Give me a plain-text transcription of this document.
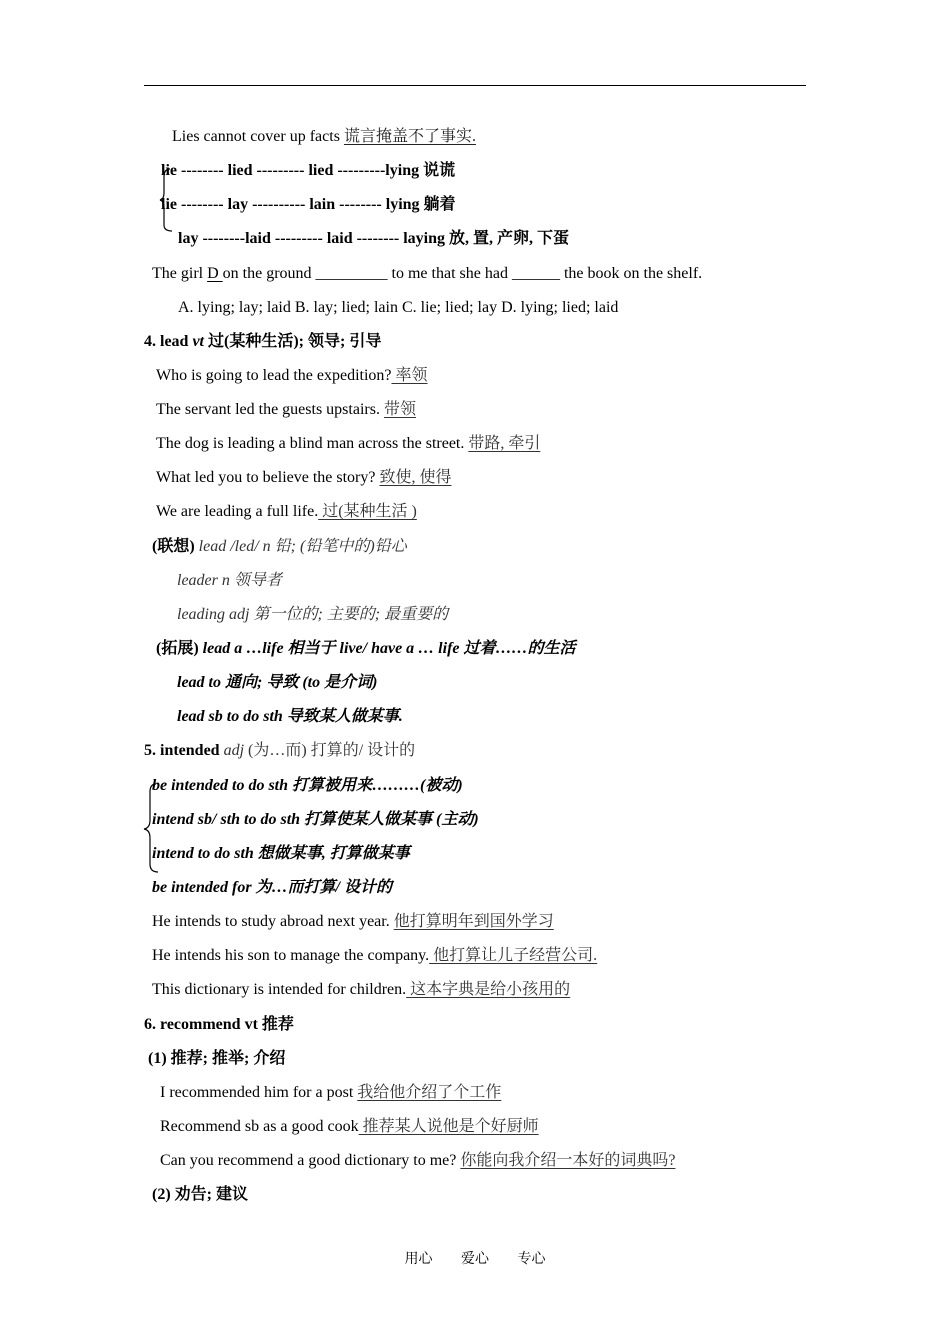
Lies cannot cover up facts 谎言掩盖不了事实.
lie -------- lied --------- lied ---------lying 说谎
lie -------- lay ---------- lain -------- lying 躺着
lay --------laid --------- laid -------- laying 放, 置, 产卵, 下蛋
The girl D on the ground _________ to me that she had ______ the book on the shelf.
A. lying; lay; laid B. lay; lied; lain C. lie; lied; lay D. lying; lied; laid
4. lead vt 过(某种生活); 领导; 引导
Who is going to lead the expedition? 率领
The servant led the guests upstairs. 带领
The dog is leading a blind man across the street. 带路, 牵引
What led you to believe the story? 致使, 使得
We are leading a full life. 过(某种生活 )
(联想) lead /led/ n 铅; (铅笔中的)铅心
leader n 领导者
leading adj 第一位的; 主要的; 最重要的
(拓展) lead a …life 相当于 live/ have a … life 过着……的生活
lead to 通向; 导致 (to 是介词)
lead sb to do sth 导致某人做某事.
5. intended adj (为…而) 打算的/ 设计的
be intended to do sth 打算被用来………(被动)
intend sb/ sth to do sth 打算使某人做某事 (主动)
intend to do sth 想做某事, 打算做某事
be intended for 为…而打算/ 设计的
He intends to study abroad next year. 他打算明年到国外学习
He intends his son to manage the company. 他打算让儿子经营公司.
This dictionary is intended for children. 这本字典是给小孩用的
6. recommend vt 推荐
(1) 推荐; 推举; 介绍
I recommended him for a post 我给他介绍了个工作
Recommend sb as a good cook 推荐某人说他是个好厨师
Can you recommend a good dictionary to me? 你能向我介绍一本好的词典吗?
(2) 劝告; 建议
用心 爱心 专心
